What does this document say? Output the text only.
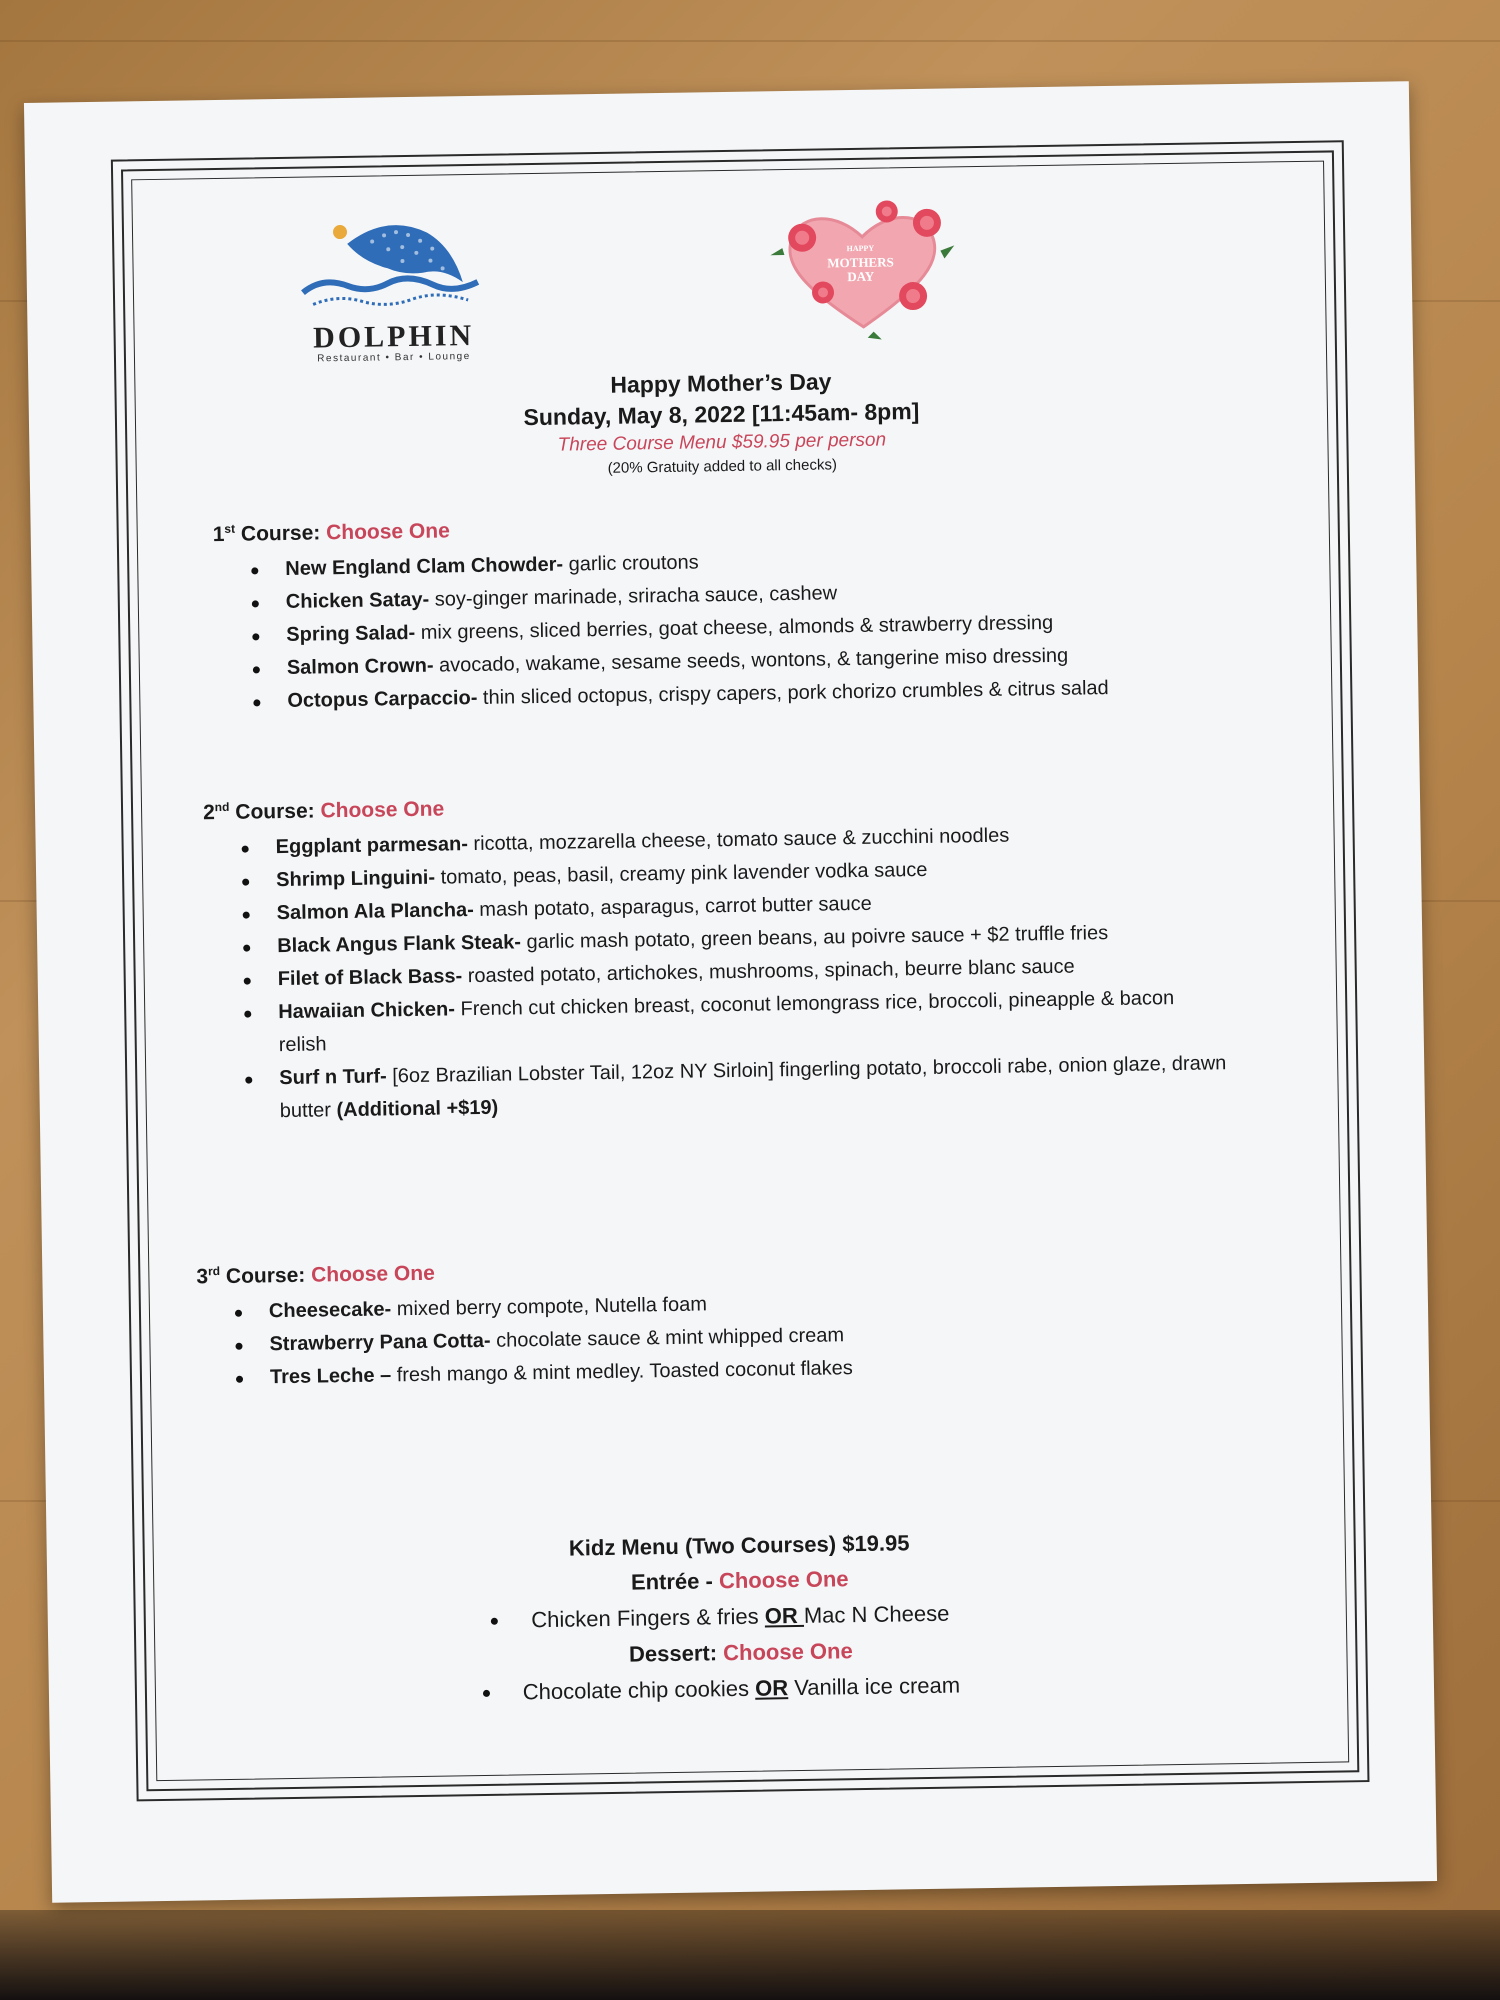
DOLPHIN
Restaurant • Bar • Lounge
HAPPY
MOTHERS
DAY
Happy Mother’s Day
Sunday, May 8, 2022 [11:45am- 8pm]
Three Course Menu $59.95 per person
(20% Gratuity added to all checks)
1st Course: Choose One
New England Clam Chowder- garlic croutons
Chicken Satay- soy-ginger marinade, sriracha sauce, cashew
Spring Salad- mix greens, sliced berries, goat cheese, almonds & strawberry dressing
Salmon Crown- avocado, wakame, sesame seeds, wontons, & tangerine miso dressing
Octopus Carpaccio- thin sliced octopus, crispy capers, pork chorizo crumbles & citrus salad
2nd Course: Choose One
Eggplant parmesan- ricotta, mozzarella cheese, tomato sauce & zucchini noodles
Shrimp Linguini- tomato, peas, basil, creamy pink lavender vodka sauce
Salmon Ala Plancha- mash potato, asparagus, carrot butter sauce
Black Angus Flank Steak- garlic mash potato, green beans, au poivre sauce + $2 truffle fries
Filet of Black Bass- roasted potato, artichokes, mushrooms, spinach, beurre blanc sauce
Hawaiian Chicken- French cut chicken breast, coconut lemongrass rice, broccoli, pineapple & bacon relish
Surf n Turf- [6oz Brazilian Lobster Tail, 12oz NY Sirloin] fingerling potato, broccoli rabe, onion glaze, drawn butter (Additional +$19)
3rd Course: Choose One
Cheesecake- mixed berry compote, Nutella foam
Strawberry Pana Cotta- chocolate sauce & mint whipped cream
Tres Leche – fresh mango & mint medley. Toasted coconut flakes
Kidz Menu (Two Courses) $19.95
Entrée - Choose One
Chicken Fingers & fries OR Mac N Cheese
Dessert: Choose One
Chocolate chip cookies OR Vanilla ice cream
